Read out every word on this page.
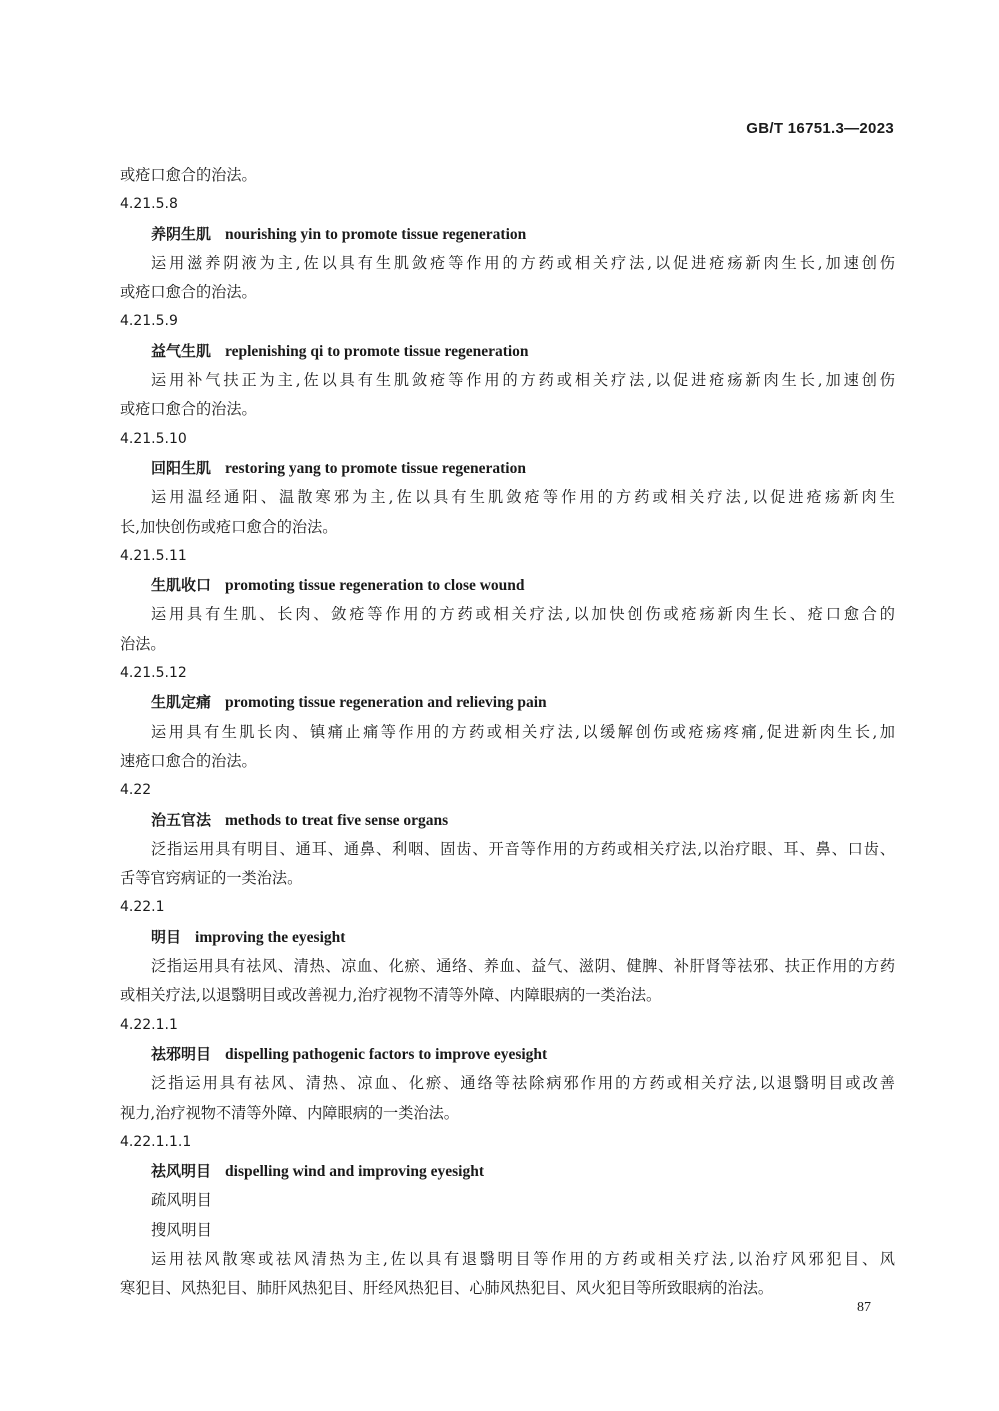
GB/T 16751.3—2023
或疮口愈合的治法。
4.21.5.8
养阴生肌 nourishing yin to promote tissue regeneration
运用滋养阴液为主,佐以具有生肌敛疮等作用的方药或相关疗法,以促进疮疡新肉生长,加速创伤
或疮口愈合的治法。
4.21.5.9
益气生肌 replenishing qi to promote tissue regeneration
运用补气扶正为主,佐以具有生肌敛疮等作用的方药或相关疗法,以促进疮疡新肉生长,加速创伤
或疮口愈合的治法。
4.21.5.10
回阳生肌 restoring yang to promote tissue regeneration
运用温经通阳、温散寒邪为主,佐以具有生肌敛疮等作用的方药或相关疗法,以促进疮疡新肉生
长,加快创伤或疮口愈合的治法。
4.21.5.11
生肌收口 promoting tissue regeneration to close wound
运用具有生肌、长肉、敛疮等作用的方药或相关疗法,以加快创伤或疮疡新肉生长、疮口愈合的
治法。
4.21.5.12
生肌定痛 promoting tissue regeneration and relieving pain
运用具有生肌长肉、镇痛止痛等作用的方药或相关疗法,以缓解创伤或疮疡疼痛,促进新肉生长,加
速疮口愈合的治法。
4.22
治五官法 methods to treat five sense organs
泛指运用具有明目、通耳、通鼻、利咽、固齿、开音等作用的方药或相关疗法,以治疗眼、耳、鼻、口齿、
舌等官窍病证的一类治法。
4.22.1
明目 improving the eyesight
泛指运用具有祛风、清热、凉血、化瘀、通络、养血、益气、滋阴、健脾、补肝肾等祛邪、扶正作用的方药
或相关疗法,以退翳明目或改善视力,治疗视物不清等外障、内障眼病的一类治法。
4.22.1.1
祛邪明目 dispelling pathogenic factors to improve eyesight
泛指运用具有祛风、清热、凉血、化瘀、通络等祛除病邪作用的方药或相关疗法,以退翳明目或改善
视力,治疗视物不清等外障、内障眼病的一类治法。
4.22.1.1.1
祛风明目 dispelling wind and improving eyesight
疏风明目
搜风明目
运用祛风散寒或祛风清热为主,佐以具有退翳明目等作用的方药或相关疗法,以治疗风邪犯目、风
寒犯目、风热犯目、肺肝风热犯目、肝经风热犯目、心肺风热犯目、风火犯目等所致眼病的治法。
87
